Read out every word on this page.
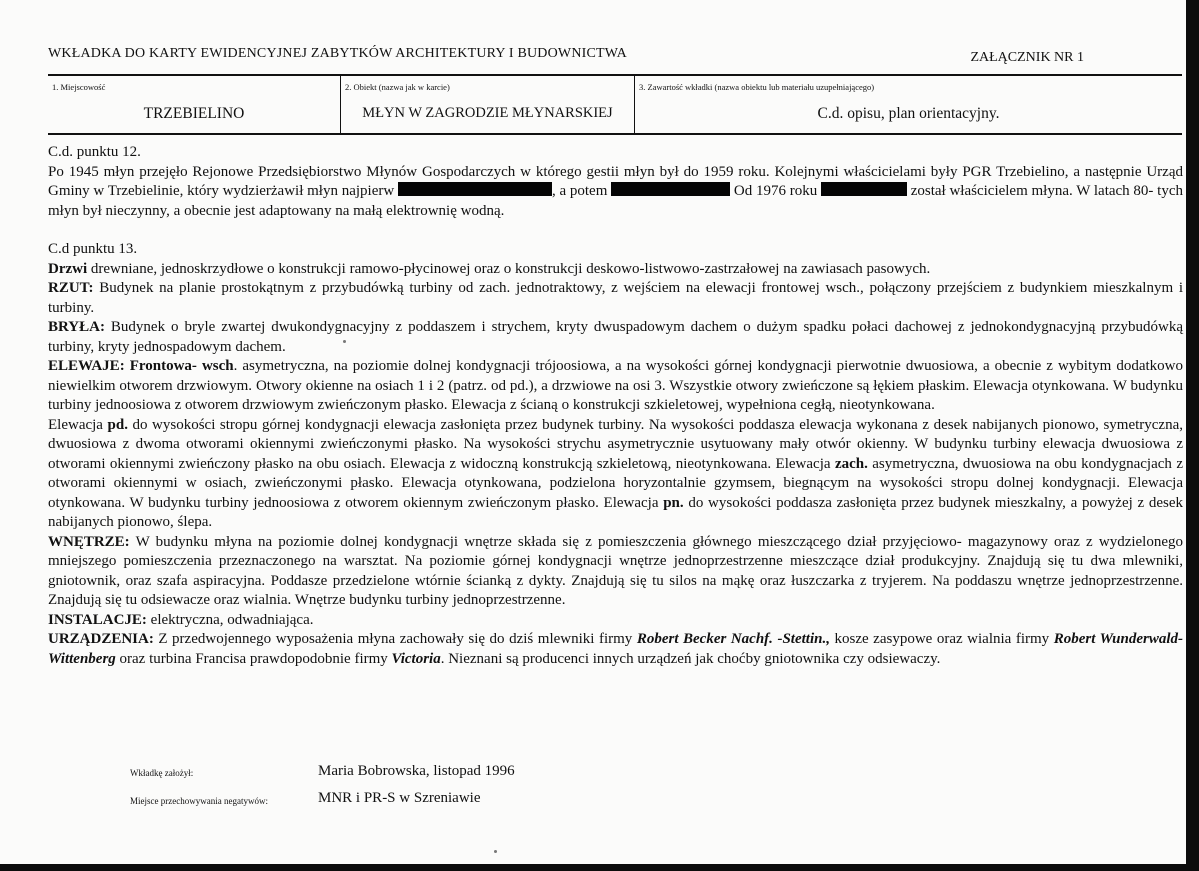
WKŁADKA DO KARTY EWIDENCYJNEJ ZABYTKÓW ARCHITEKTURY I BUDOWNICTWA	ZAŁĄCZNIK NR 1
1. Miejscowość
TRZEBIELINO
2. Obiekt (nazwa jak w karcie)
MŁYN W ZAGRODZIE MŁYNARSKIEJ
3. Zawartość wkładki (nazwa obiektu lub materiału uzupełniającego)
C.d. opisu, plan orientacyjny.

C.d. punktu 12.

Po 1945 młyn przejęło Rejonowe Przedsiębiorstwo Młynów Gospodarczych w którego gestii młyn był do 1959 roku. Kolejnymi właścicielami były PGR Trzebielino, a następnie Urząd Gminy w Trzebielinie, który wydzierżawił młyn najpierw	, a potem	Od 1976 roku	został właścicielem młyna. W latach 80- tych młyn był nieczynny, a obecnie jest adaptowany na małą elektrownię wodną.

C.d punktu 13.

Drzwi drewniane, jednoskrzydłowe o konstrukcji ramowo-płycinowej oraz o konstrukcji deskowo-listwowo-zastrzałowej na zawiasach pasowych.

RZUT: Budynek na planie prostokątnym z przybudówką turbiny od zach. jednotraktowy, z wejściem na elewacji frontowej wsch., połączony przejściem z budynkiem mieszkalnym i turbiny.

BRYŁA: Budynek o bryle zwartej dwukondygnacyjny z poddaszem i strychem, kryty dwuspadowym dachem o dużym spadku połaci dachowej z jednokondygnacyjną przybudówką turbiny, kryty jednospadowym dachem.

ELEWAJE: Frontowa- wsch. asymetryczna, na poziomie dolnej kondygnacji trójoosiowa, a na wysokości górnej kondygnacji pierwotnie dwuosiowa, a obecnie z wybitym dodatkowo niewielkim otworem drzwiowym. Otwory okienne na osiach 1 i 2 (patrz. od pd.), a drzwiowe na osi 3. Wszystkie otwory zwieńczone są łękiem płaskim. Elewacja otynkowana. W budynku turbiny jednoosiowa z otworem drzwiowym zwieńczonym płasko. Elewacja z ścianą o konstrukcji szkieletowej, wypełniona cegłą, nieotynkowana.

Elewacja pd. do wysokości stropu górnej kondygnacji elewacja zasłonięta przez budynek turbiny. Na wysokości poddasza elewacja wykonana z desek nabijanych pionowo, symetryczna, dwuosiowa z dwoma otworami okiennymi zwieńczonymi płasko. Na wysokości strychu asymetrycznie usytuowany mały otwór okienny. W budynku turbiny elewacja dwuosiowa z otworami okiennymi zwieńczony płasko na obu osiach. Elewacja z widoczną konstrukcją szkieletową, nieotynkowana. Elewacja zach. asymetryczna, dwuosiowa na obu kondygnacjach z otworami okiennymi w osiach, zwieńczonymi płasko. Elewacja otynkowana, podzielona horyzontalnie gzymsem, biegnącym na wysokości stropu dolnej kondygnacji. Elewacja otynkowana. W budynku turbiny jednoosiowa z otworem okiennym zwieńczonym płasko. Elewacja pn. do wysokości poddasza zasłonięta przez budynek mieszkalny, a powyżej z desek nabijanych pionowo, ślepa.

WNĘTRZE: W budynku młyna na poziomie dolnej kondygnacji wnętrze składa się z pomieszczenia głównego mieszczącego dział przyjęciowo- magazynowy oraz z wydzielonego mniejszego pomieszczenia przeznaczonego na warsztat. Na poziomie górnej kondygnacji wnętrze jednoprzestrzenne mieszczące dział produkcyjny. Znajdują się tu dwa mlewniki, gniotownik, oraz szafa aspiracyjna. Poddasze przedzielone wtórnie ścianką z dykty. Znajdują się tu silos na mąkę oraz łuszczarka z tryjerem. Na poddaszu wnętrze jednoprzestrzenne. Znajdują się tu odsiewacze oraz wialnia. Wnętrze budynku turbiny jednoprzestrzenne.

INSTALACJE: elektryczna, odwadniająca.

URZĄDZENIA: Z przedwojennego wyposażenia młyna zachowały się do dziś mlewniki firmy Robert Becker Nachf. -Stettin., kosze zasypowe oraz wialnia firmy Robert Wunderwald- Wittenberg oraz turbina Francisa prawdopodobnie firmy Victoria. Nieznani są producenci innych urządzeń jak choćby gniotownika czy odsiewaczy.

Wkładkę założył:	Maria Bobrowska, listopad 1996
Miejsce przechowywania negatywów:	MNR i PR-S w Szreniawie
